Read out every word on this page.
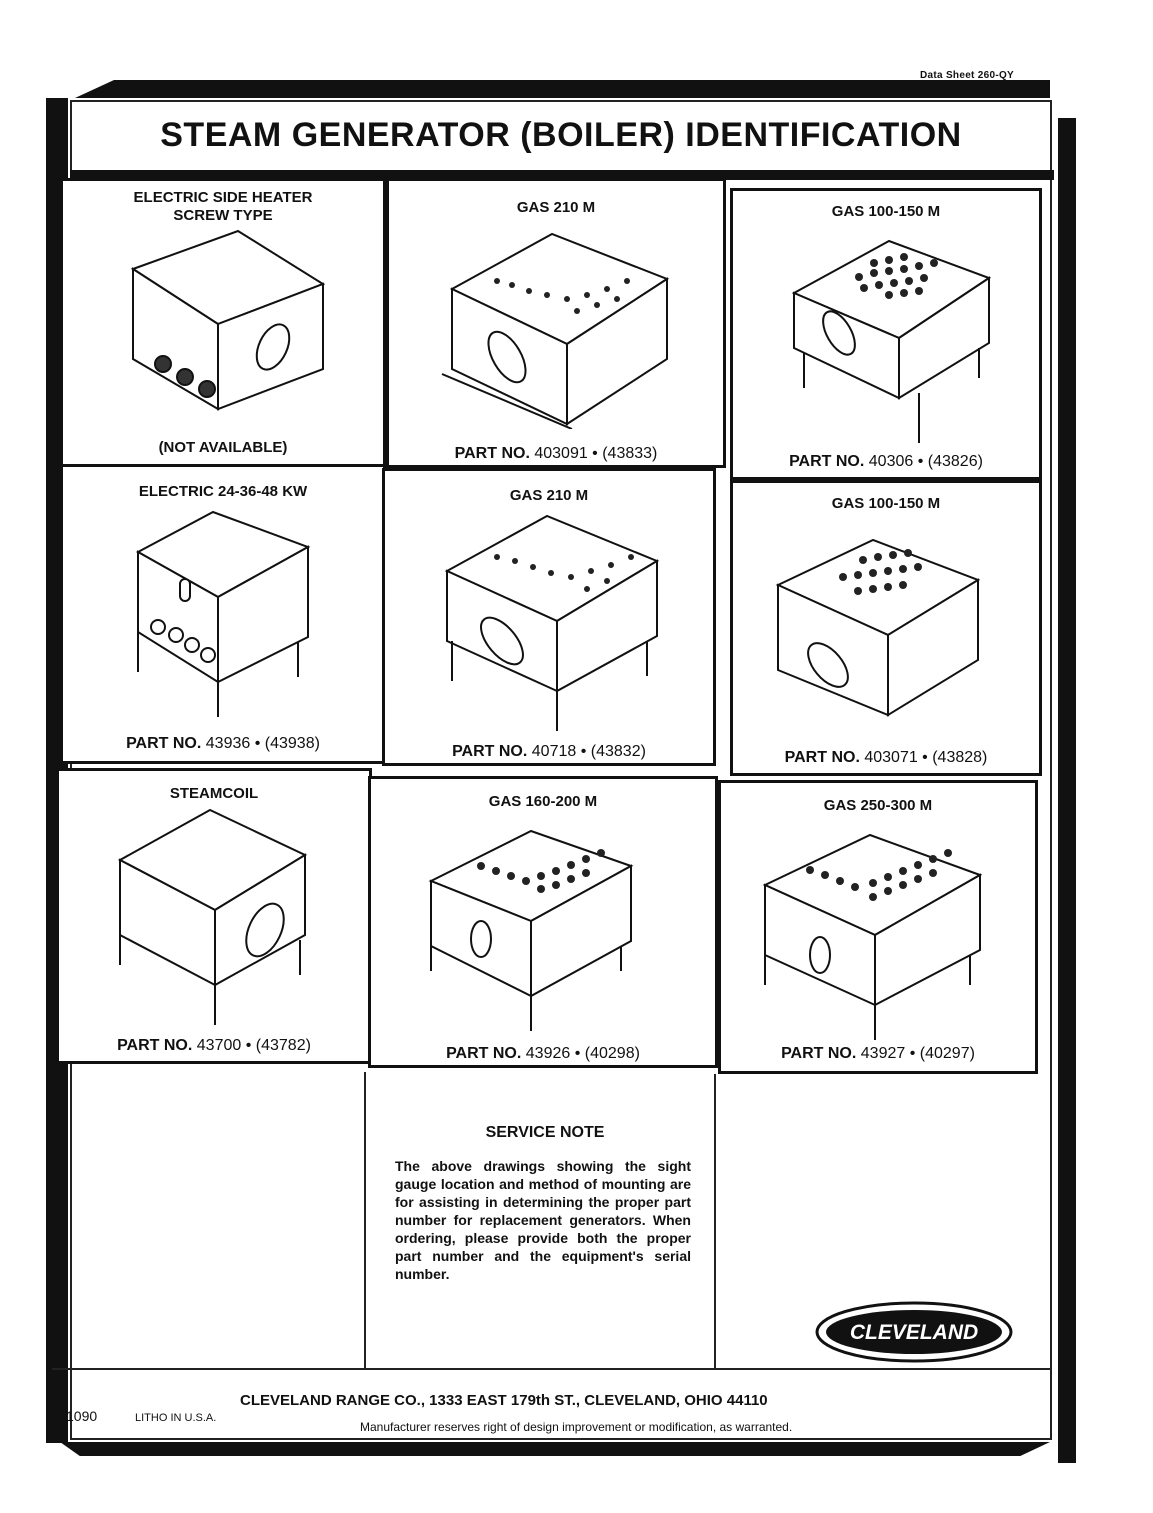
Data Sheet 260-QY
STEAM GENERATOR (BOILER) IDENTIFICATION
ELECTRIC SIDE HEATER
SCREW TYPE
(NOT AVAILABLE)
GAS 210 M
PART NO. 403091 • (43833)
GAS 100-150 M
PART NO. 40306 • (43826)
ELECTRIC 24-36-48 KW
PART NO. 43936 • (43938)
GAS 210 M
PART NO. 40718 • (43832)
GAS 100-150 M
PART NO. 403071 • (43828)
STEAMCOIL
PART NO. 43700 • (43782)
GAS 160-200 M
PART NO. 43926 • (40298)
GAS 250-300 M
PART NO. 43927 • (40297)
SERVICE NOTE
The above drawings showing the sight gauge location and method of mounting are for assisting in determining the proper part number for replacement generators. When ordering, please provide both the proper part number and the equipment's serial number.
CLEVELAND
CLEVELAND RANGE CO., 1333 EAST 179th ST., CLEVELAND, OHIO 44110
1090	LITHO IN U.S.A.
Manufacturer reserves right of design improvement or modification, as warranted.
